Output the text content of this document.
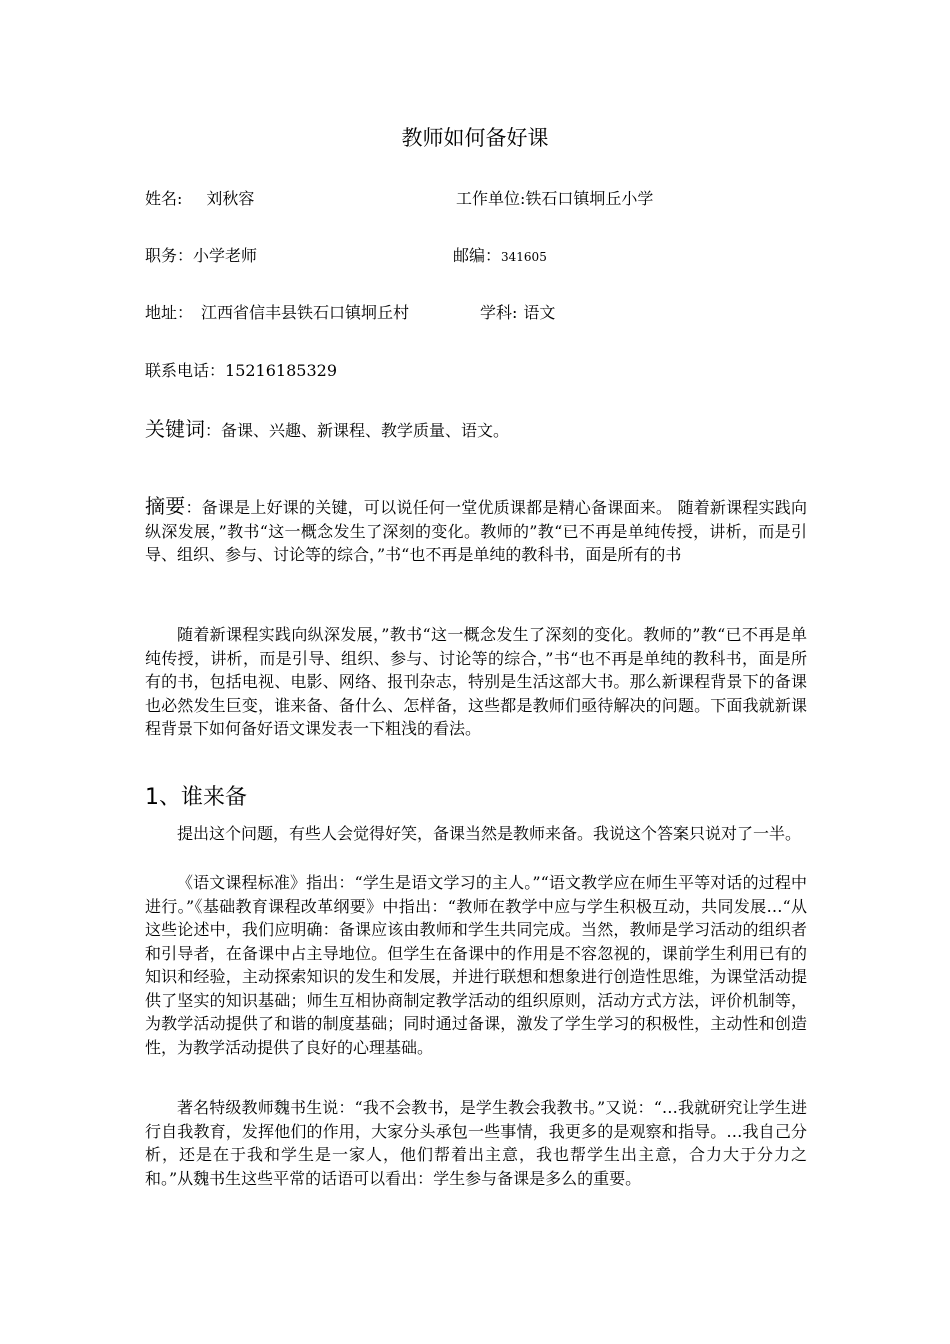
教师如何备好课
姓名: 刘秋容	工作单位:铁石口镇坰丘小学
职务：小学老师	邮编：341605
地址： 江西省信丰县铁石口镇坰丘村	学科: 语文
联系电话：15216185329
关键词：备课、兴趣、新课程、教学质量、语文。
摘要：备课是上好课的关键，可以说任何一堂优质课都是精心备课面来。 随着新课程实践向纵深发展，”教书“这一概念发生了深刻的变化。教师的”教“已不再是单纯传授，讲析，而是引导、组织、参与、讨论等的综合，”书“也不再是单纯的教科书，面是所有的书
随着新课程实践向纵深发展，”教书“这一概念发生了深刻的变化。教师的”教“已不再是单纯传授，讲析，而是引导、组织、参与、讨论等的综合，”书“也不再是单纯的教科书，面是所有的书，包括电视、电影、网络、报刊杂志，特别是生活这部大书。那么新课程背景下的备课也必然发生巨变，谁来备、备什么、怎样备，这些都是教师们亟待解决的问题。下面我就新课程背景下如何备好语文课发表一下粗浅的看法。
1、谁来备
提出这个问题，有些人会觉得好笑，备课当然是教师来备。我说这个答案只说对了一半。
《语文课程标准》指出：“学生是语文学习的主人。”“语文教学应在师生平等对话的过程中进行。”《基础教育课程改革纲要》中指出：“教师在教学中应与学生积极互动，共同发展…“从这些论述中，我们应明确：备课应该由教师和学生共同完成。当然，教师是学习活动的组织者和引导者，在备课中占主导地位。但学生在备课中的作用是不容忽视的，课前学生利用已有的知识和经验，主动探索知识的发生和发展，并进行联想和想象进行创造性思维，为课堂活动提供了坚实的知识基础；师生互相协商制定教学活动的组织原则，活动方式方法，评价机制等，为教学活动提供了和谐的制度基础；同时通过备课，激发了学生学习的积极性，主动性和创造性，为教学活动提供了良好的心理基础。
著名特级教师魏书生说：“我不会教书，是学生教会我教书。”又说：“…我就研究让学生进行自我教育，发挥他们的作用，大家分头承包一些事情，我更多的是观察和指导。…我自己分析，还是在于我和学生是一家人，他们帮着出主意，我也帮学生出主意，合力大于分力之和。”从魏书生这些平常的话语可以看出：学生参与备课是多么的重要。
